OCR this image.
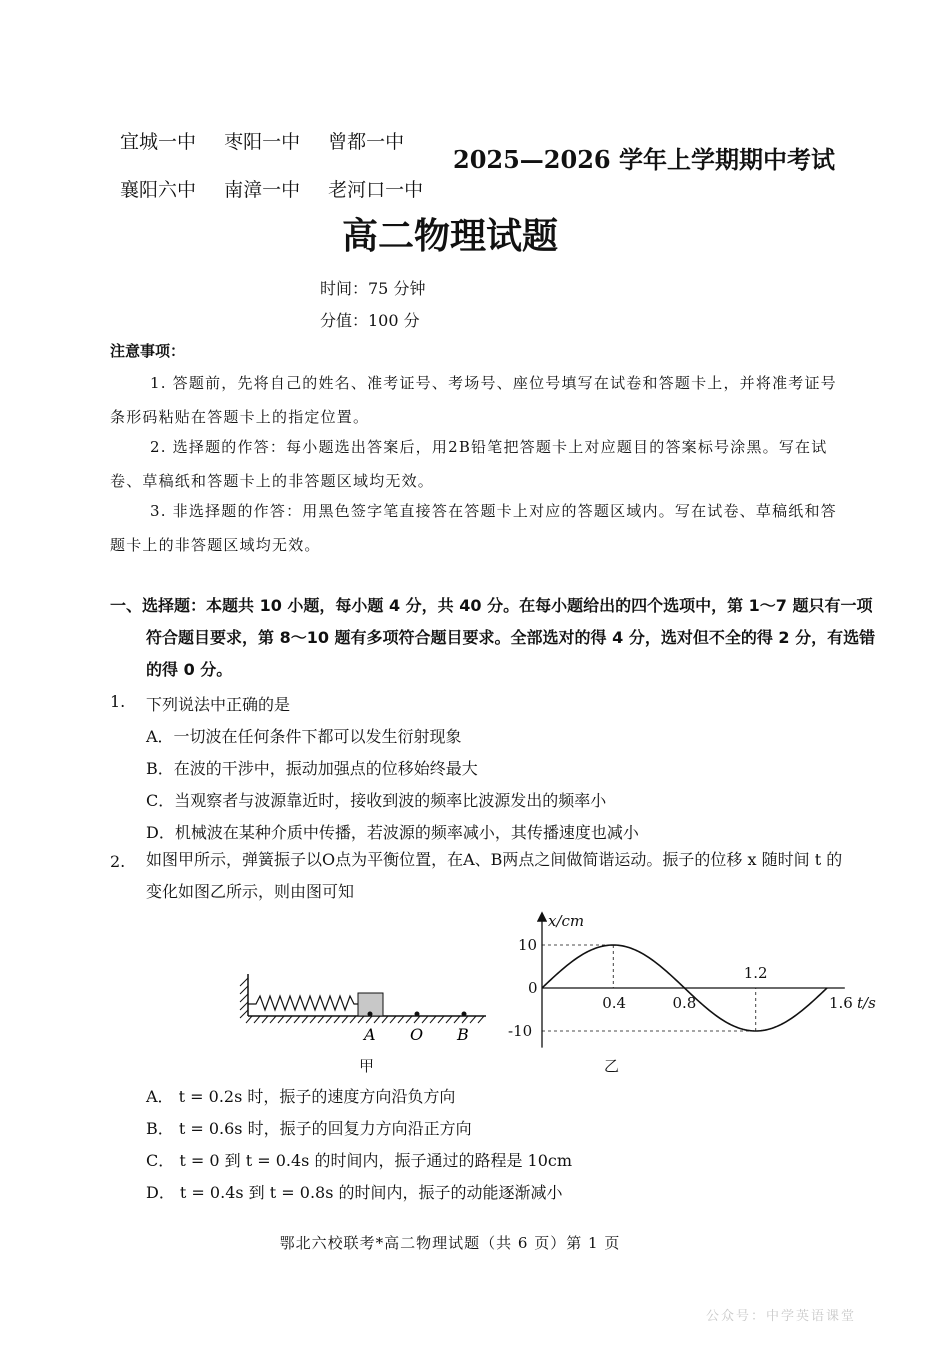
宜城一中 枣阳一中 曾都一中
襄阳六中 南漳一中 老河口一中
2025—2026 学年上学期期中考试
高二物理试题
时间：75 分钟
分值：100 分
注意事项：
1. 答题前，先将自己的姓名、准考证号、考场号、座位号填写在试卷和答题卡上，并将准考证号条形码粘贴在答题卡上的指定位置。
2. 选择题的作答：每小题选出答案后，用2B铅笔把答题卡上对应题目的答案标号涂黑。写在试卷、草稿纸和答题卡上的非答题区域均无效。
3. 非选择题的作答：用黑色签字笔直接答在答题卡上对应的答题区域内。写在试卷、草稿纸和答题卡上的非答题区域均无效。
一、选择题：本题共 10 小题，每小题 4 分，共 40 分。在每小题给出的四个选项中，第 1～7 题只有一项符合题目要求，第 8～10 题有多项符合题目要求。全部选对的得 4 分，选对但不全的得 2 分，有选错的得 0 分。
1. 下列说法中正确的是
A．一切波在任何条件下都可以发生衍射现象
B．在波的干涉中，振动加强点的位移始终最大
C．当观察者与波源靠近时，接收到波的频率比波源发出的频率小
D．机械波在某种介质中传播，若波源的频率减小，其传播速度也减小
2. 如图甲所示，弹簧振子以O点为平衡位置，在A、B两点之间做简谐运动。振子的位移 x 随时间 t 的变化如图乙所示，则由图可知
A O B
甲
x/cm
10
0
-10
0.4	0.8
1.2
1.6 t/s
乙
A． t = 0.2s 时，振子的速度方向沿负方向
B． t = 0.6s 时，振子的回复力方向沿正方向
C． t = 0 到 t = 0.4s 的时间内，振子通过的路程是 10cm
D． t = 0.4s 到 t = 0.8s 的时间内，振子的动能逐渐减小
鄂北六校联考*高二物理试题（共 6 页）第 1 页
公众号：中学英语课堂
